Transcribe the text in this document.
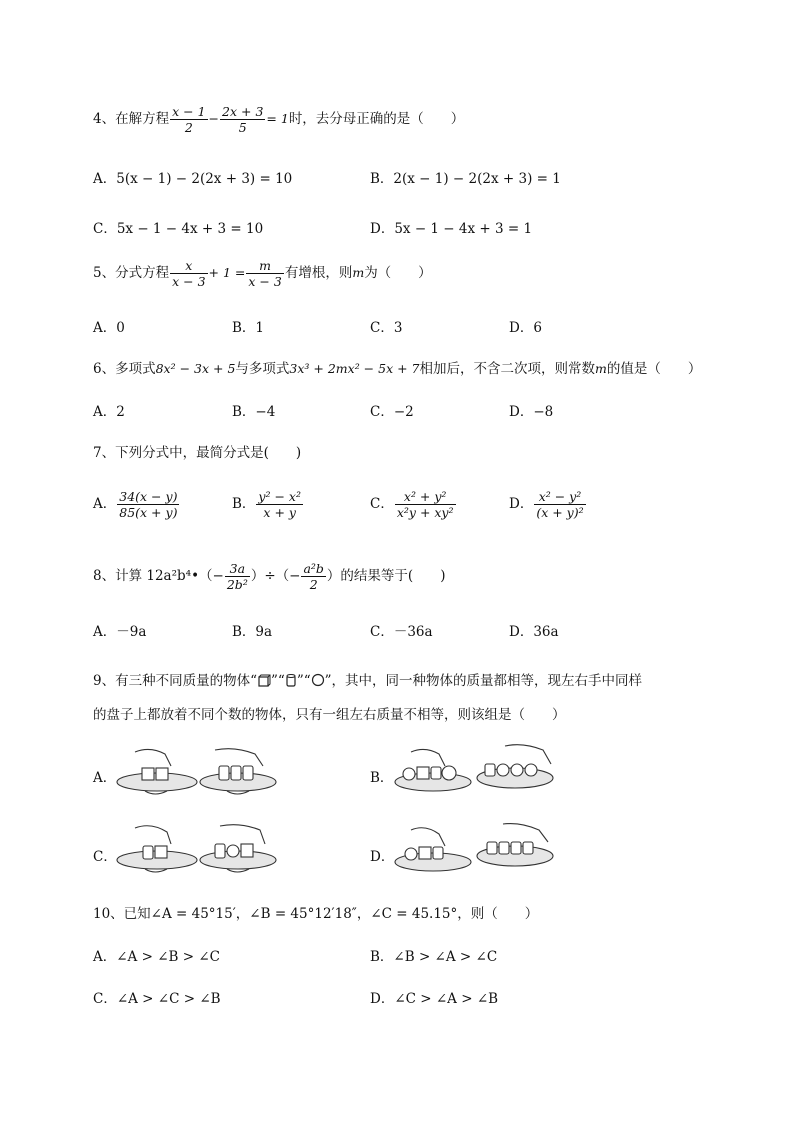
4、在解方程 $\frac{x - 1}{2} - \frac{2x + 3}{5} = 1$时，去分母正确的是（　　）
A．5(x − 1) − 2(2x + 3) = 10	B．2(x − 1) − 2(2x + 3) = 1
C．5x − 1 − 4x + 3 = 10	D．5x − 1 − 4x + 3 = 1
5、分式方程 $\frac{x}{x - 3} + 1 = \frac{m}{x - 3}$ 有增根，则m为（　　）
A．0	B．1	C．3	D．6
6、多项式8x² − 3x + 5与多项式3x³ + 2mx² − 5x + 7相加后，不含二次项，则常数m的值是（　　）
A．2	B．−4	C．−2	D．−8
7、下列分式中，最简分式是(　　)
A． $\frac{34(x - y)}{85(x + y)}$	B． $\frac{\text{y² − x²}}{x + y}$	C． $\frac{\text{x² + y²}}{\text{x²y + xy²}}$	D． $\frac{\text{x² − y²}}{\text{(x + y)²}}$
8、计算 12a²b⁴•（− $\frac{3a}{\text{2b²}}$ ）÷（− $\frac{\text{a²b}}{2}$ ）的结果等于(　　)
A．－9a	B．9a	C．－36a	D．36a
9、有三种不同质量的物体“ ”“ ”“ ”，其中，同一种物体的质量都相等，现左右手中同样
的盘子上都放着不同个数的物体，只有一组左右质量不相等，则该组是（　　）
A．	B．
C．	D．
10、已知∠A = 45°15′，∠B = 45°12′18″，∠C = 45.15°，则（　　）
A．∠A > ∠B > ∠C	B．∠B > ∠A > ∠C
C．∠A > ∠C > ∠B	D．∠C > ∠A > ∠B
